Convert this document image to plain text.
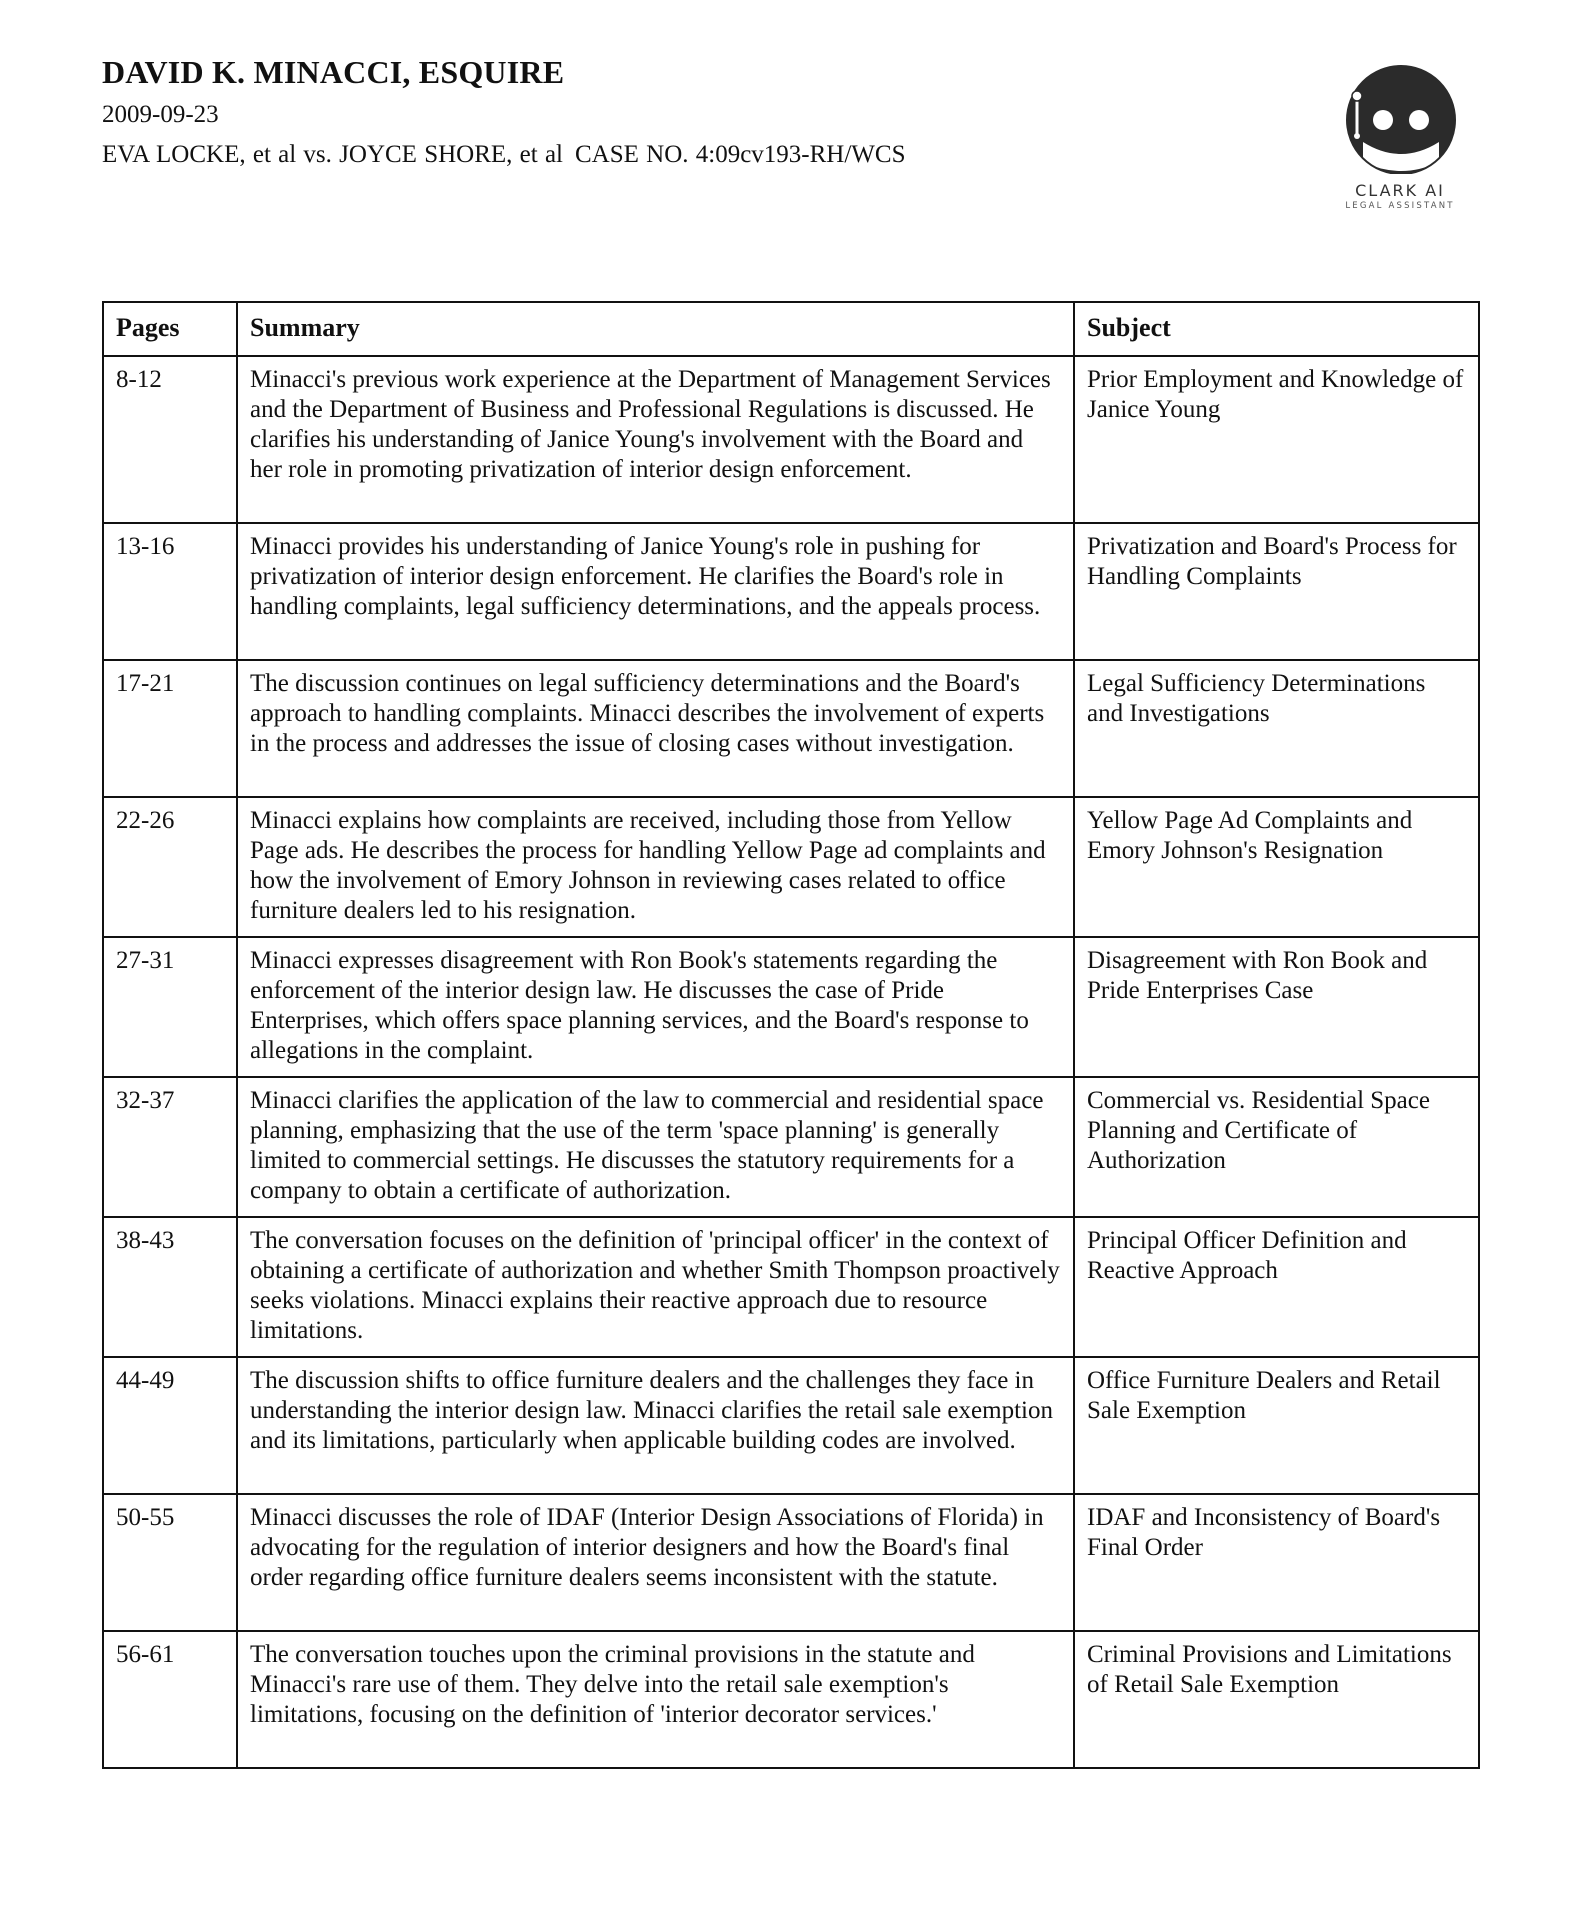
DAVID K. MINACCI, ESQUIRE

2009-09-23

EVA LOCKE, et al vs. JOYCE SHORE, et al CASE NO. 4:09cv193-RH/WCS

CLARK AI
LEGAL ASSISTANT
Pages	Summary	Subject
8-12	Minacci's previous work experience at the Department of Management Services and the Department of Business and Professional Regulations is discussed. He clarifies his understanding of Janice Young's involvement with the Board and her role in promoting privatization of interior design enforcement.	Prior Employment and Knowledge of Janice Young
13-16	Minacci provides his understanding of Janice Young's role in pushing for privatization of interior design enforcement. He clarifies the Board's role in handling complaints, legal sufficiency determinations, and the appeals process.	Privatization and Board's Process for Handling Complaints
17-21	The discussion continues on legal sufficiency determinations and the Board's approach to handling complaints. Minacci describes the involvement of experts in the process and addresses the issue of closing cases without investigation.	Legal Sufficiency Determinations and Investigations
22-26	Minacci explains how complaints are received, including those from Yellow Page ads. He describes the process for handling Yellow Page ad complaints and how the involvement of Emory Johnson in reviewing cases related to office furniture dealers led to his resignation.	Yellow Page Ad Complaints and Emory Johnson's Resignation
27-31	Minacci expresses disagreement with Ron Book's statements regarding the enforcement of the interior design law. He discusses the case of Pride Enterprises, which offers space planning services, and the Board's response to allegations in the complaint.	Disagreement with Ron Book and Pride Enterprises Case
32-37	Minacci clarifies the application of the law to commercial and residential space planning, emphasizing that the use of the term 'space planning' is generally limited to commercial settings. He discusses the statutory requirements for a company to obtain a certificate of authorization.	Commercial vs. Residential Space Planning and Certificate of Authorization
38-43	The conversation focuses on the definition of 'principal officer' in the context of obtaining a certificate of authorization and whether Smith Thompson proactively seeks violations. Minacci explains their reactive approach due to resource limitations.	Principal Officer Definition and Reactive Approach
44-49	The discussion shifts to office furniture dealers and the challenges they face in understanding the interior design law. Minacci clarifies the retail sale exemption and its limitations, particularly when applicable building codes are involved.	Office Furniture Dealers and Retail Sale Exemption
50-55	Minacci discusses the role of IDAF (Interior Design Associations of Florida) in advocating for the regulation of interior designers and how the Board's final order regarding office furniture dealers seems inconsistent with the statute.	IDAF and Inconsistency of Board's Final Order
56-61	The conversation touches upon the criminal provisions in the statute and Minacci's rare use of them. They delve into the retail sale exemption's limitations, focusing on the definition of 'interior decorator services.'	Criminal Provisions and Limitations of Retail Sale Exemption
